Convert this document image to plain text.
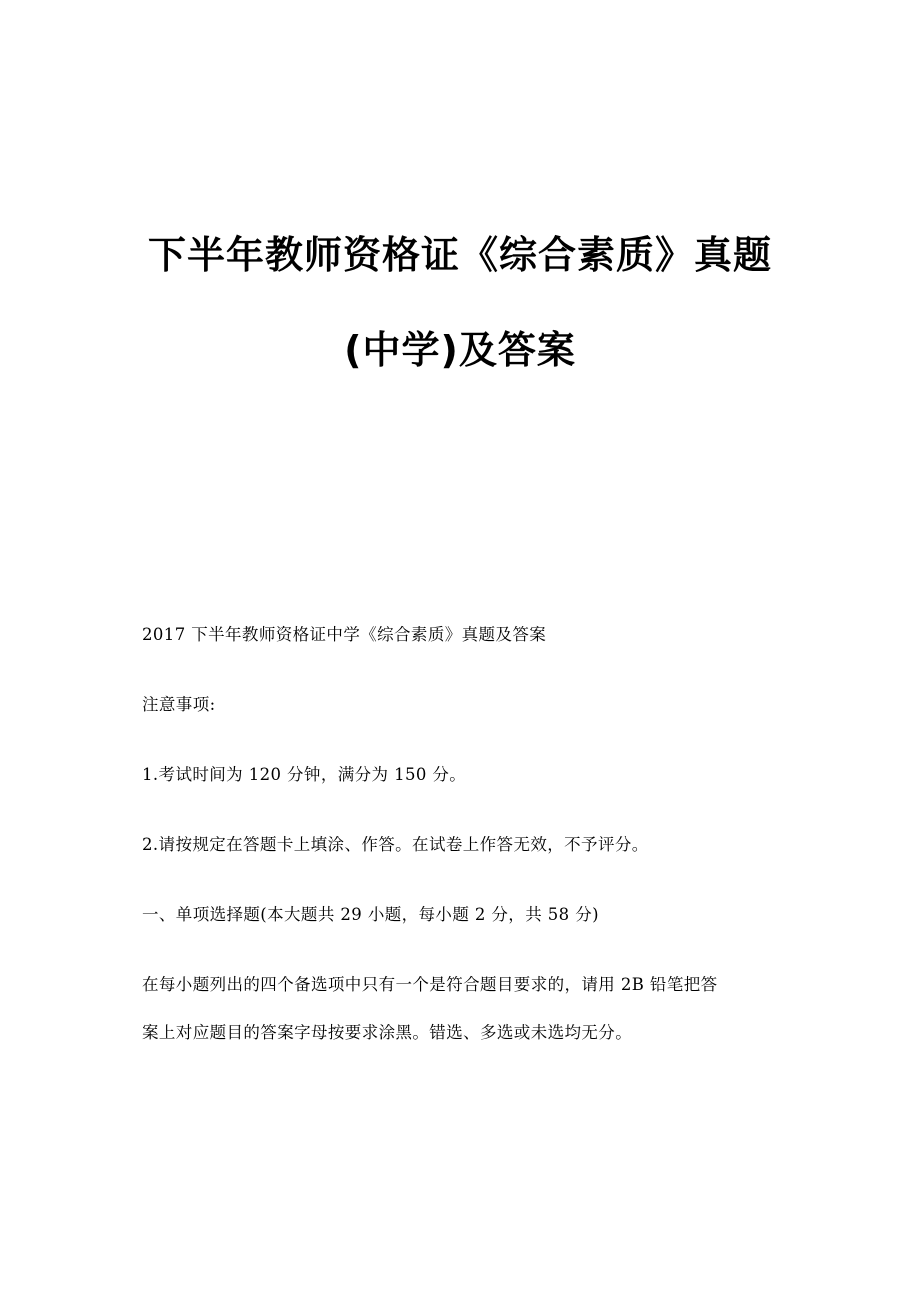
下半年教师资格证《综合素质》真题
(中学)及答案
2017 下半年教师资格证中学《综合素质》真题及答案
注意事项:
1.考试时间为 120 分钟，满分为 150 分。
2.请按规定在答题卡上填涂、作答。在试卷上作答无效，不予评分。
一、单项选择题(本大题共 29 小题，每小题 2 分，共 58 分)
在每小题列出的四个备选项中只有一个是符合题目要求的，请用 2B 铅笔把答
案上对应题目的答案字母按要求涂黑。错选、多选或未选均无分。
